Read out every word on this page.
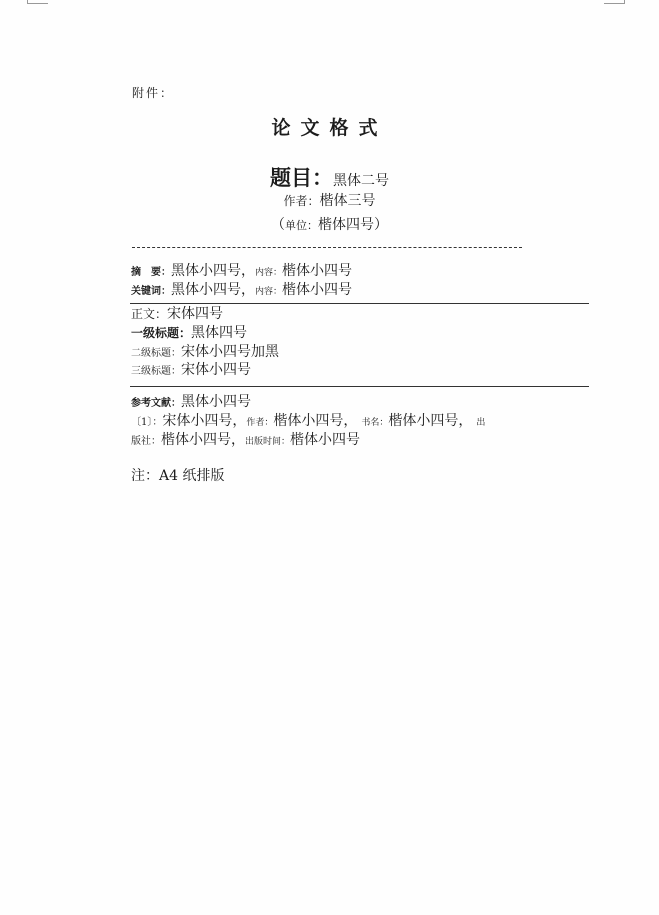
附件：
论文格式
题目：黑体二号
作者：楷体三号
（单位：楷体四号）
摘　要：黑体小四号，内容：楷体小四号
关键词：黑体小四号，内容：楷体小四号
正文：宋体四号
一级标题：黑体四号
二级标题：宋体小四号加黑
三级标题：宋体小四号
参考文献：黑体小四号
〔1〕：宋体小四号，作者：楷体小四号， 书名：楷体小四号， 出
版社：楷体小四号，出版时间：楷体小四号
注：A4 纸排版
